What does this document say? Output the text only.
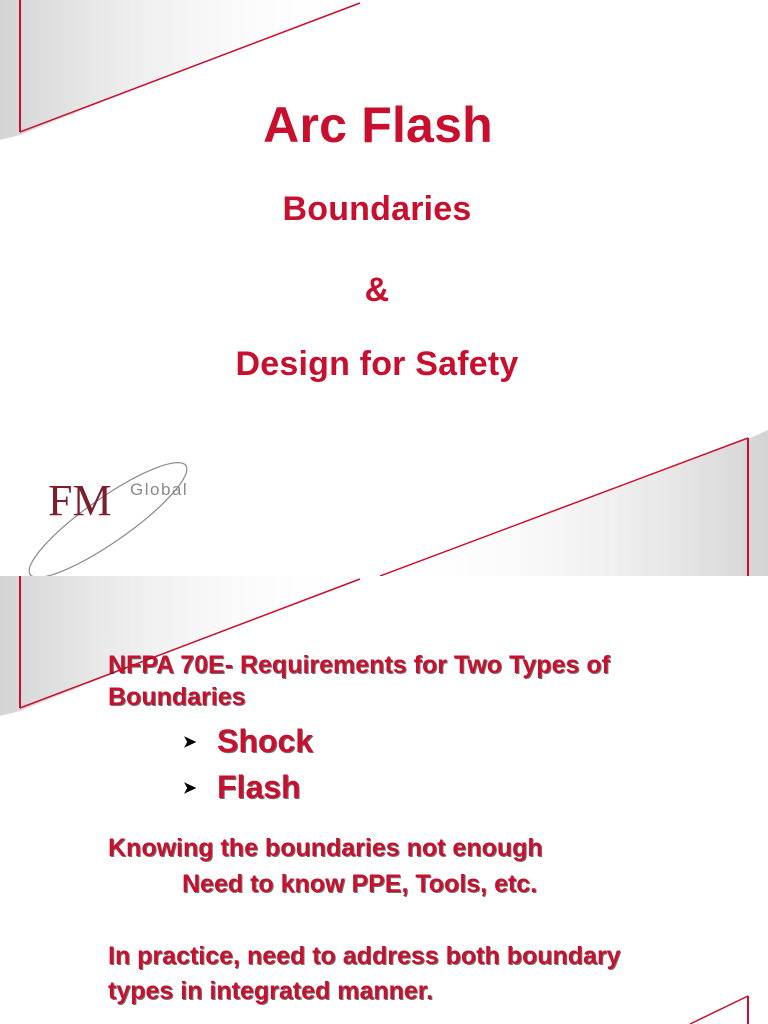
Arc Flash
Boundaries
&
Design for Safety
FM Global

NFPA 70E- Requirements for Two Types of

Boundaries

➤ Shock
➤ Flash

Knowing the boundaries not enough

Need to know PPE, Tools, etc.

In practice, need to address both boundary

types in integrated manner.
